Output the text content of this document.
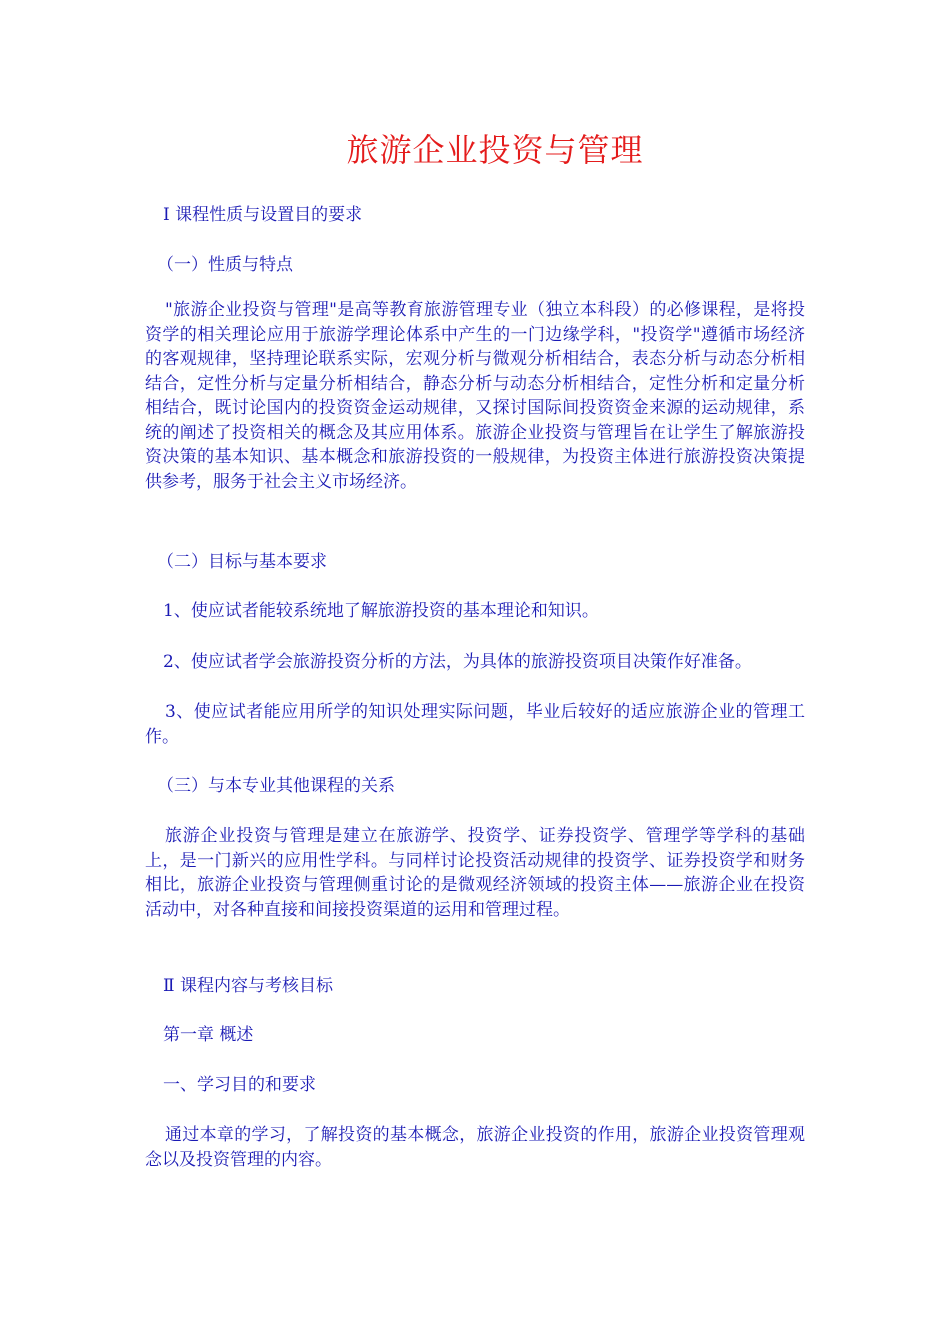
旅游企业投资与管理
Ⅰ 课程性质与设置目的要求
（一）性质与特点
"旅游企业投资与管理"是高等教育旅游管理专业（独立本科段）的必修课程，是将投资学的相关理论应用于旅游学理论体系中产生的一门边缘学科，"投资学"遵循市场经济的客观规律，坚持理论联系实际，宏观分析与微观分析相结合，表态分析与动态分析相结合，定性分析与定量分析相结合，静态分析与动态分析相结合，定性分析和定量分析相结合，既讨论国内的投资资金运动规律，又探讨国际间投资资金来源的运动规律，系统的阐述了投资相关的概念及其应用体系。旅游企业投资与管理旨在让学生了解旅游投资决策的基本知识、基本概念和旅游投资的一般规律，为投资主体进行旅游投资决策提供参考，服务于社会主义市场经济。
（二）目标与基本要求
1、使应试者能较系统地了解旅游投资的基本理论和知识。
2、使应试者学会旅游投资分析的方法，为具体的旅游投资项目决策作好准备。
3、使应试者能应用所学的知识处理实际问题，毕业后较好的适应旅游企业的管理工作。
（三）与本专业其他课程的关系
旅游企业投资与管理是建立在旅游学、投资学、证券投资学、管理学等学科的基础上，是一门新兴的应用性学科。与同样讨论投资活动规律的投资学、证券投资学和财务相比，旅游企业投资与管理侧重讨论的是微观经济领域的投资主体——旅游企业在投资活动中，对各种直接和间接投资渠道的运用和管理过程。
Ⅱ 课程内容与考核目标
第一章 概述
一、学习目的和要求
通过本章的学习，了解投资的基本概念，旅游企业投资的作用，旅游企业投资管理观念以及投资管理的内容。
